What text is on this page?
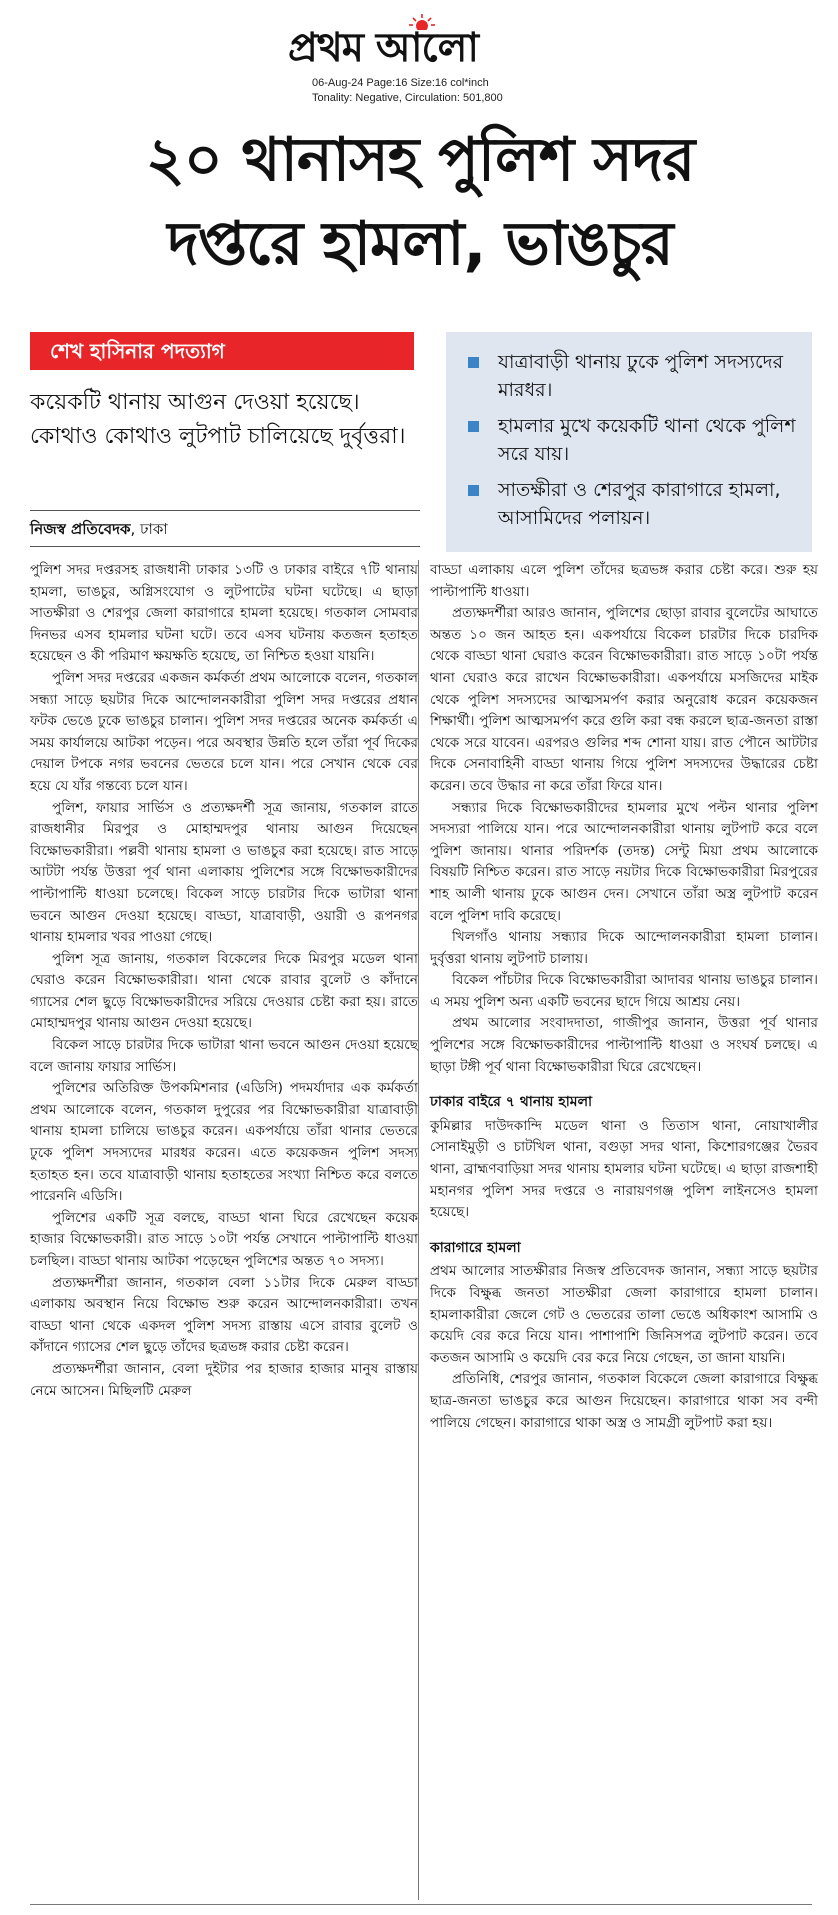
প্রথম আলো
06-Aug-24 Page:16 Size:16 col*inch
Tonality: Negative, Circulation: 501,800
২০ থানাসহ পুলিশ সদর
দপ্তরে হামলা, ভাঙচুর
শেখ হাসিনার পদত্যাগ
কয়েকটি থানায় আগুন দেওয়া হয়েছে। কোথাও কোথাও লুটপাট চালিয়েছে দুর্বৃত্তরা।
নিজস্ব প্রতিবেদক, ঢাকা
যাত্রাবাড়ী থানায় ঢুকে পুলিশ সদস্যদের মারধর।
হামলার মুখে কয়েকটি থানা থেকে পুলিশ সরে যায়।
সাতক্ষীরা ও শেরপুর কারাগারে হামলা, আসামিদের পলায়ন।

পুলিশ সদর দপ্তরসহ রাজধানী ঢাকার ১৩টি ও ঢাকার বাইরে ৭টি থানায় হামলা, ভাঙচুর, অগ্নিসংযোগ ও লুটপাটের ঘটনা ঘটেছে। এ ছাড়া সাতক্ষীরা ও শেরপুর জেলা কারাগারে হামলা হয়েছে। গতকাল সোমবার দিনভর এসব হামলার ঘটনা ঘটে। তবে এসব ঘটনায় কতজন হতাহত হয়েছেন ও কী পরিমাণ ক্ষয়ক্ষতি হয়েছে, তা নিশ্চিত হওয়া যায়নি।

পুলিশ সদর দপ্তরের একজন কর্মকর্তা প্রথম আলোকে বলেন, গতকাল সন্ধ্যা সাড়ে ছয়টার দিকে আন্দোলনকারীরা পুলিশ সদর দপ্তরের প্রধান ফটক ভেঙে ঢুকে ভাঙচুর চালান। পুলিশ সদর দপ্তরের অনেক কর্মকর্তা এ সময় কার্যালয়ে আটকা পড়েন। পরে অবস্থার উন্নতি হলে তাঁরা পূর্ব দিকের দেয়াল টপকে নগর ভবনের ভেতরে চলে যান। পরে সেখান থেকে বের হয়ে যে যাঁর গন্তব্যে চলে যান।

পুলিশ, ফায়ার সার্ভিস ও প্রত্যক্ষদর্শী সূত্র জানায়, গতকাল রাতে রাজধানীর মিরপুর ও মোহাম্মদপুর থানায় আগুন দিয়েছেন বিক্ষোভকারীরা। পল্লবী থানায় হামলা ও ভাঙচুর করা হয়েছে। রাত সাড়ে আটটা পর্যন্ত উত্তরা পূর্ব থানা এলাকায় পুলিশের সঙ্গে বিক্ষোভকারীদের পাল্টাপাল্টি ধাওয়া চলেছে। বিকেল সাড়ে চারটার দিকে ভাটারা থানা ভবনে আগুন দেওয়া হয়েছে। বাড্ডা, যাত্রাবাড়ী, ওয়ারী ও রূপনগর থানায় হামলার খবর পাওয়া গেছে।

পুলিশ সূত্র জানায়, গতকাল বিকেলের দিকে মিরপুর মডেল থানা ঘেরাও করেন বিক্ষোভকারীরা। থানা থেকে রাবার বুলেট ও কাঁদানে গ্যাসের শেল ছুড়ে বিক্ষোভকারীদের সরিয়ে দেওয়ার চেষ্টা করা হয়। রাতে মোহাম্মদপুর থানায় আগুন দেওয়া হয়েছে।

বিকেল সাড়ে চারটার দিকে ভাটারা থানা ভবনে আগুন দেওয়া হয়েছে বলে জানায় ফায়ার সার্ভিস।

পুলিশের অতিরিক্ত উপকমিশনার (এডিসি) পদমর্যাদার এক কর্মকর্তা প্রথম আলোকে বলেন, গতকাল দুপুরের পর বিক্ষোভকারীরা যাত্রাবাড়ী থানায় হামলা চালিয়ে ভাঙচুর করেন। একপর্যায়ে তাঁরা থানার ভেতরে ঢুকে পুলিশ সদস্যদের মারধর করেন। এতে কয়েকজন পুলিশ সদস্য হতাহত হন। তবে যাত্রাবাড়ী থানায় হতাহতের সংখ্যা নিশ্চিত করে বলতে পারেননি এডিসি।

পুলিশের একটি সূত্র বলছে, বাড্ডা থানা ঘিরে রেখেছেন কয়েক হাজার বিক্ষোভকারী। রাত সাড়ে ১০টা পর্যন্ত সেখানে পাল্টাপাল্টি ধাওয়া চলছিল। বাড্ডা থানায় আটকা পড়েছেন পুলিশের অন্তত ৭০ সদস্য।

প্রত্যক্ষদর্শীরা জানান, গতকাল বেলা ১১টার দিকে মেরুল বাড্ডা এলাকায় অবস্থান নিয়ে বিক্ষোভ শুরু করেন আন্দোলনকারীরা। তখন বাড্ডা থানা থেকে একদল পুলিশ সদস্য রাস্তায় এসে রাবার বুলেট ও কাঁদানে গ্যাসের শেল ছুড়ে তাঁদের ছত্রভঙ্গ করার চেষ্টা করেন।

প্রত্যক্ষদর্শীরা জানান, বেলা দুইটার পর হাজার হাজার মানুষ রাস্তায় নেমে আসেন। মিছিলটি মেরুল

বাড্ডা এলাকায় এলে পুলিশ তাঁদের ছত্রভঙ্গ করার চেষ্টা করে। শুরু হয় পাল্টাপাল্টি ধাওয়া।

প্রত্যক্ষদর্শীরা আরও জানান, পুলিশের ছোড়া রাবার বুলেটের আঘাতে অন্তত ১০ জন আহত হন। একপর্যায়ে বিকেল চারটার দিকে চারদিক থেকে বাড্ডা থানা ঘেরাও করেন বিক্ষোভকারীরা। রাত সাড়ে ১০টা পর্যন্ত থানা ঘেরাও করে রাখেন বিক্ষোভকারীরা। একপর্যায়ে মসজিদের মাইক থেকে পুলিশ সদস্যদের আত্মসমর্পণ করার অনুরোধ করেন কয়েকজন শিক্ষার্থী। পুলিশ আত্মসমর্পণ করে গুলি করা বন্ধ করলে ছাত্র-জনতা রাস্তা থেকে সরে যাবেন। এরপরও গুলির শব্দ শোনা যায়। রাত পৌনে আটটার দিকে সেনাবাহিনী বাড্ডা থানায় গিয়ে পুলিশ সদস্যদের উদ্ধারের চেষ্টা করেন। তবে উদ্ধার না করে তাঁরা ফিরে যান।

সন্ধ্যার দিকে বিক্ষোভকারীদের হামলার মুখে পল্টন থানার পুলিশ সদস্যরা পালিয়ে যান। পরে আন্দোলনকারীরা থানায় লুটপাট করে বলে পুলিশ জানায়। থানার পরিদর্শক (তদন্ত) সেন্টু মিয়া প্রথম আলোকে বিষয়টি নিশ্চিত করেন। রাত সাড়ে নয়টার দিকে বিক্ষোভকারীরা মিরপুরের শাহ আলী থানায় ঢুকে আগুন দেন। সেখানে তাঁরা অস্ত্র লুটপাট করেন বলে পুলিশ দাবি করেছে।

খিলগাঁও থানায় সন্ধ্যার দিকে আন্দোলনকারীরা হামলা চালান। দুর্বৃত্তরা থানায় লুটপাট চালায়।

বিকেল পাঁচটার দিকে বিক্ষোভকারীরা আদাবর থানায় ভাঙচুর চালান। এ সময় পুলিশ অন্য একটি ভবনের ছাদে গিয়ে আশ্রয় নেয়।

প্রথম আলোর সংবাদদাতা, গাজীপুর জানান, উত্তরা পূর্ব থানার পুলিশের সঙ্গে বিক্ষোভকারীদের পাল্টাপাল্টি ধাওয়া ও সংঘর্ষ চলছে। এ ছাড়া টঙ্গী পূর্ব থানা বিক্ষোভকারীরা ঘিরে রেখেছেন।

ঢাকার বাইরে ৭ থানায় হামলা

কুমিল্লার দাউদকান্দি মডেল থানা ও তিতাস থানা, নোয়াখালীর সোনাইমুড়ী ও চাটখিল থানা, বগুড়া সদর থানা, কিশোরগঞ্জের ভৈরব থানা, ব্রাহ্মণবাড়িয়া সদর থানায় হামলার ঘটনা ঘটেছে। এ ছাড়া রাজশাহী মহানগর পুলিশ সদর দপ্তরে ও নারায়ণগঞ্জ পুলিশ লাইনসেও হামলা হয়েছে।

কারাগারে হামলা

প্রথম আলোর সাতক্ষীরার নিজস্ব প্রতিবেদক জানান, সন্ধ্যা সাড়ে ছয়টার দিকে বিক্ষুব্ধ জনতা সাতক্ষীরা জেলা কারাগারে হামলা চালান। হামলাকারীরা জেলে গেট ও ভেতরের তালা ভেঙে অধিকাংশ আসামি ও কয়েদি বের করে নিয়ে যান। পাশাপাশি জিনিসপত্র লুটপাট করেন। তবে কতজন আসামি ও কয়েদি বের করে নিয়ে গেছেন, তা জানা যায়নি।

প্রতিনিধি, শেরপুর জানান, গতকাল বিকেলে জেলা কারাগারে বিক্ষুব্ধ ছাত্র-জনতা ভাঙচুর করে আগুন দিয়েছেন। কারাগারে থাকা সব বন্দী পালিয়ে গেছেন। কারাগারে থাকা অস্ত্র ও সামগ্রী লুটপাট করা হয়।
